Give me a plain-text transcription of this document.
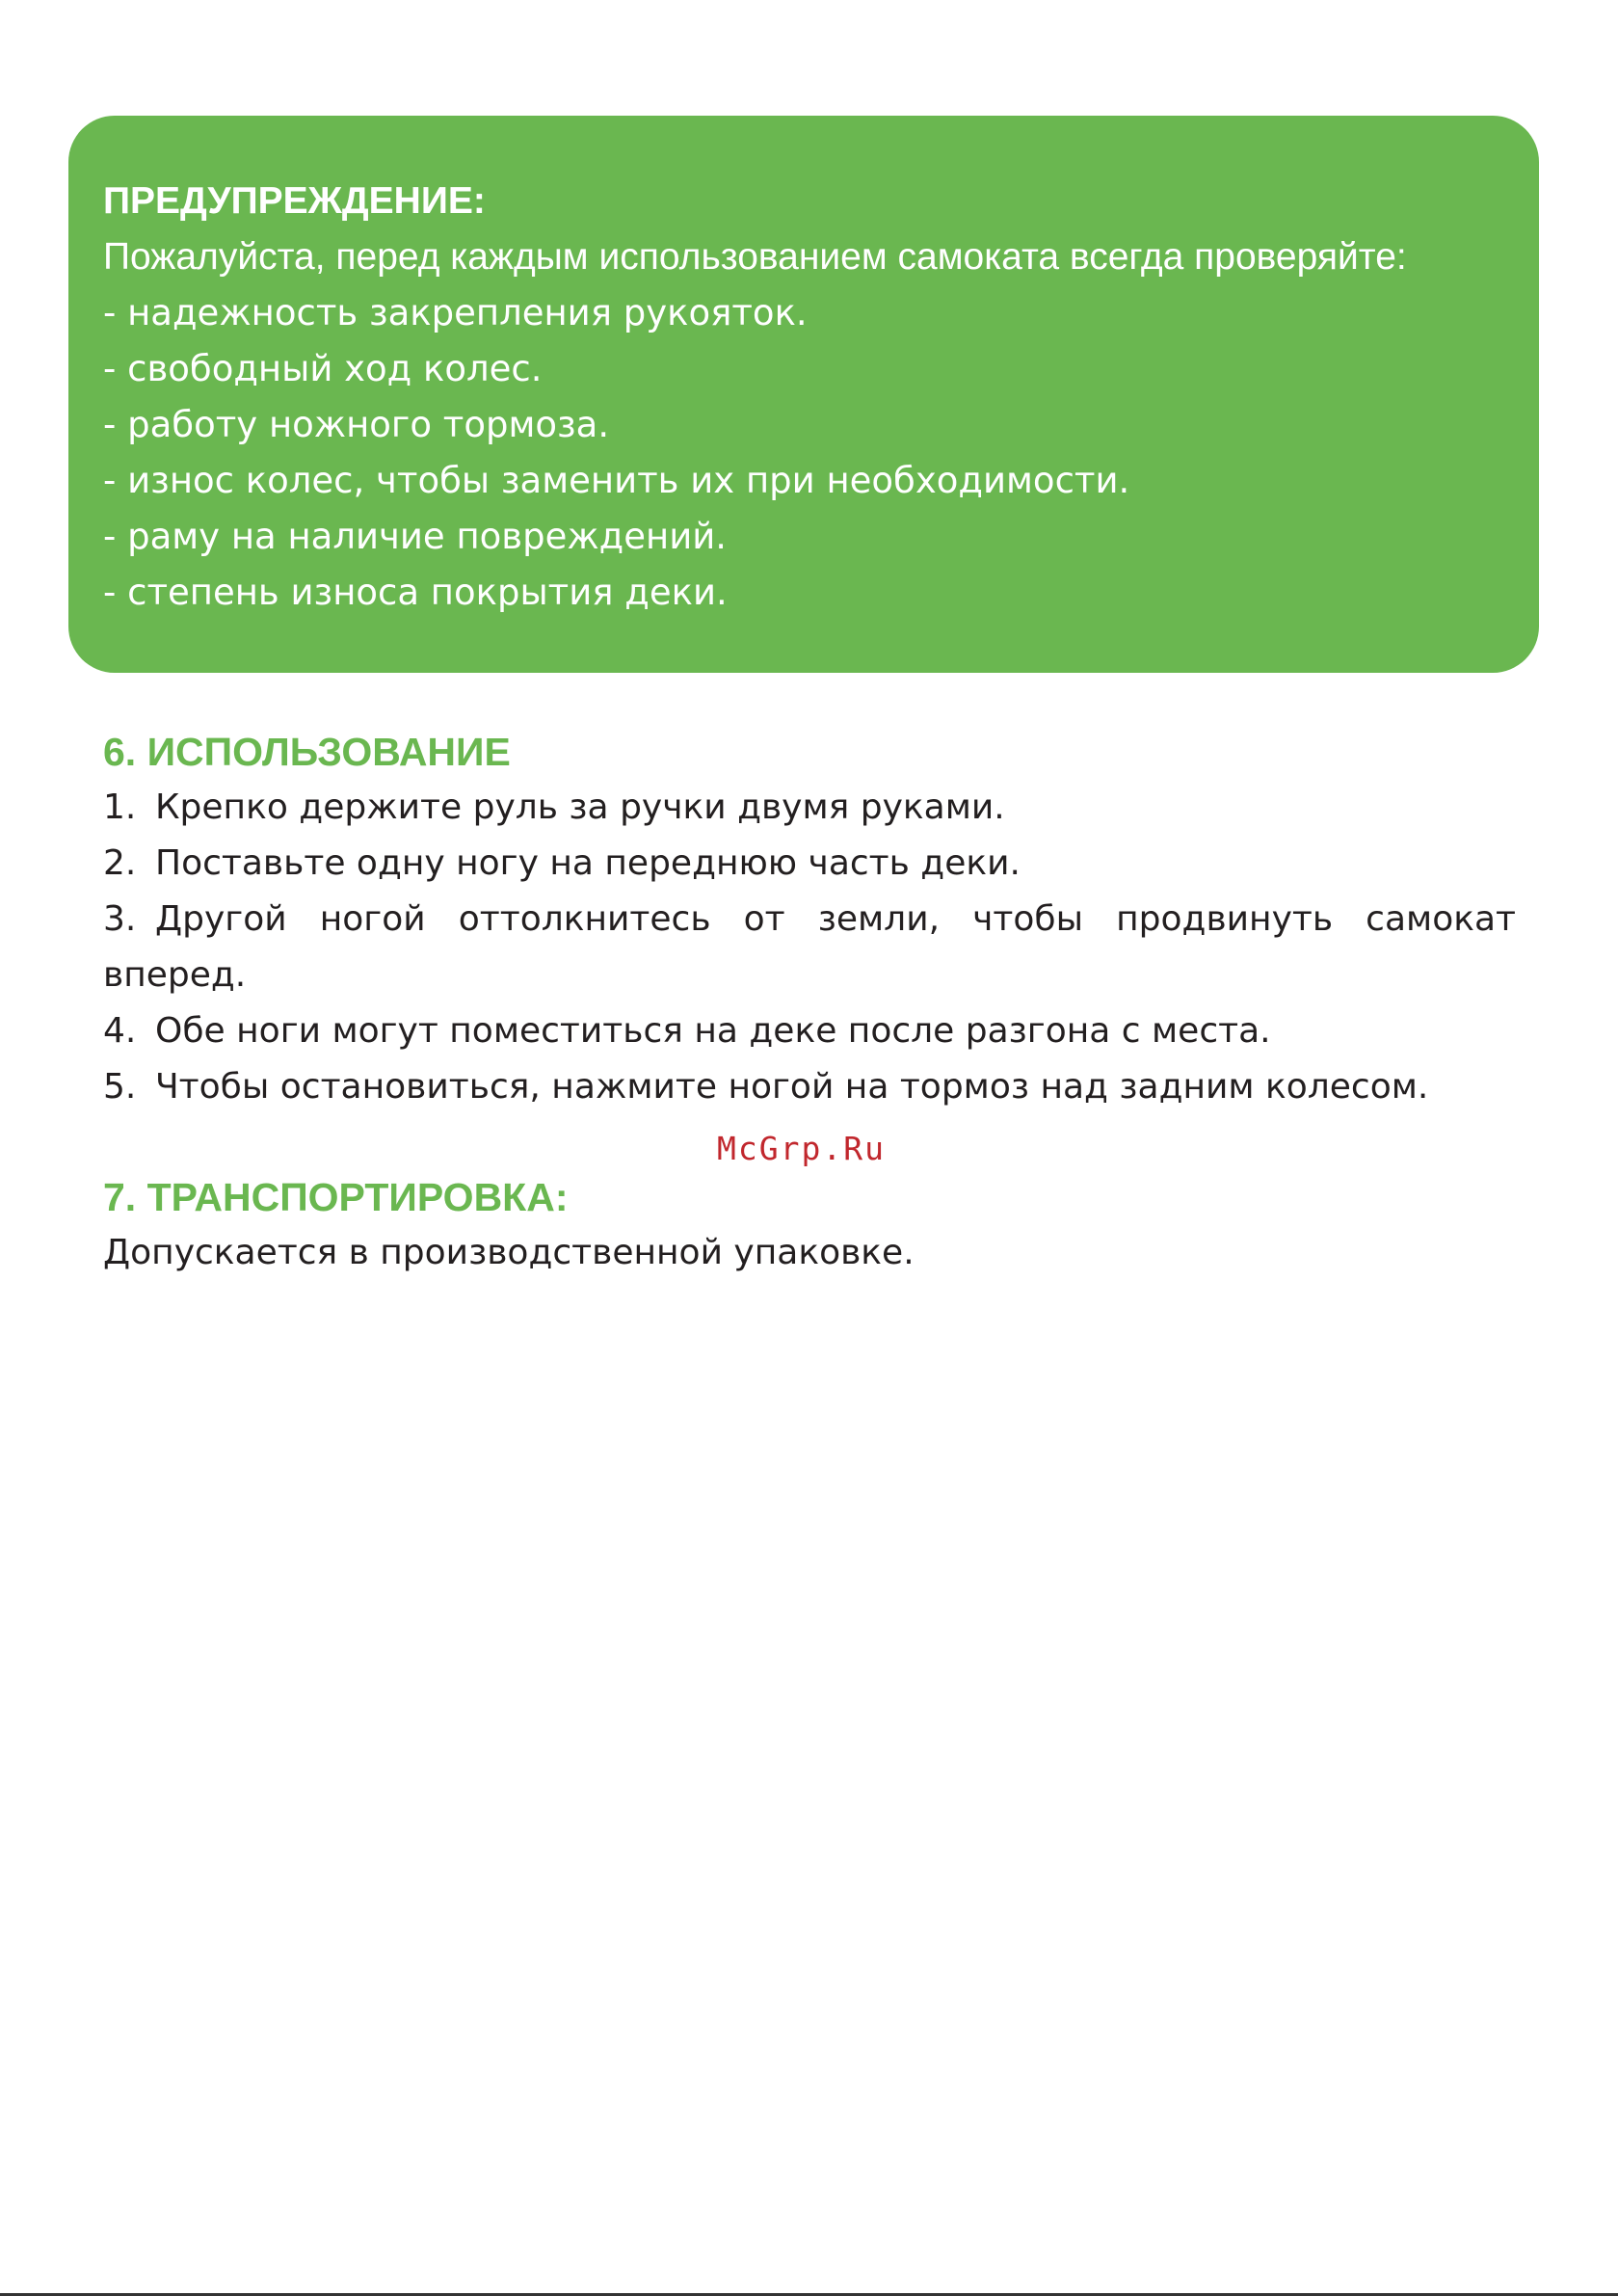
ПРЕДУПРЕЖДЕНИЕ:

Пожалуйста, перед каждым использованием самоката всегда проверяйте:

- надежность закрепления рукояток.
- свободный ход колес.
- работу ножного тормоза.
- износ колес, чтобы заменить их при необходимости.
- раму на наличие повреждений.
- степень износа покрытия деки.
6. ИСПОЛЬЗОВАНИЕ
1. Крепко держите руль за ручки двумя руками.
2. Поставьте одну ногу на переднюю часть деки.
3. Другой ногой оттолкнитесь от земли, чтобы продвинуть самокат вперед.
4. Обе ноги могут поместиться на деке после разгона с места.
5. Чтобы остановиться, нажмите ногой на тормоз над задним колесом.

McGrp.Ru

7. ТРАНСПОРТИРОВКА:

Допускается в производственной упаковке.
